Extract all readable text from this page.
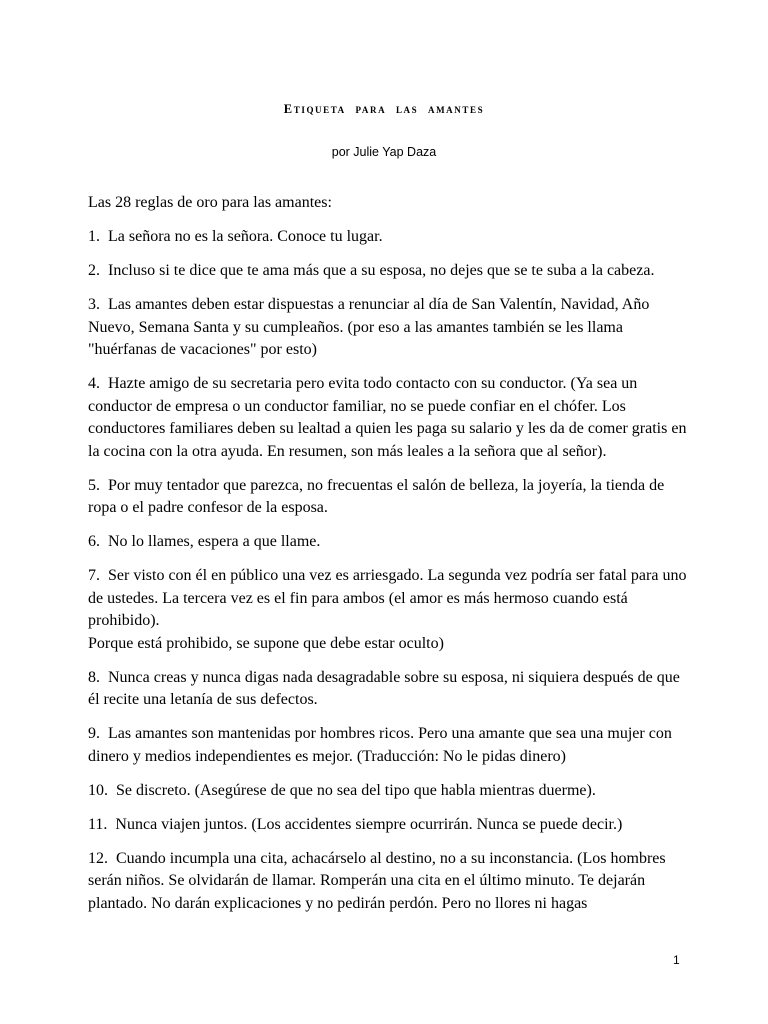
Etiqueta para las amantes
por Julie Yap Daza

Las 28 reglas de oro para las amantes:

1. La señora no es la señora. Conoce tu lugar.

2. Incluso si te dice que te ama más que a su esposa, no dejes que se te suba a la cabeza.

3. Las amantes deben estar dispuestas a renunciar al día de San Valentín, Navidad, Año Nuevo, Semana Santa y su cumpleaños. (por eso a las amantes también se les llama "huérfanas de vacaciones" por esto)

4. Hazte amigo de su secretaria pero evita todo contacto con su conductor. (Ya sea un conductor de empresa o un conductor familiar, no se puede confiar en el chófer. Los conductores familiares deben su lealtad a quien les paga su salario y les da de comer gratis en la cocina con la otra ayuda. En resumen, son más leales a la señora que al señor).

5. Por muy tentador que parezca, no frecuentas el salón de belleza, la joyería, la tienda de ropa o el padre confesor de la esposa.

6. No lo llames, espera a que llame.

7. Ser visto con él en público una vez es arriesgado. La segunda vez podría ser fatal para uno de ustedes. La tercera vez es el fin para ambos (el amor es más hermoso cuando está prohibido).
Porque está prohibido, se supone que debe estar oculto)

8. Nunca creas y nunca digas nada desagradable sobre su esposa, ni siquiera después de que él recite una letanía de sus defectos.

9. Las amantes son mantenidas por hombres ricos. Pero una amante que sea una mujer con dinero y medios independientes es mejor. (Traducción: No le pidas dinero)

10. Se discreto. (Asegúrese de que no sea del tipo que habla mientras duerme).

11. Nunca viajen juntos. (Los accidentes siempre ocurrirán. Nunca se puede decir.)

12. Cuando incumpla una cita, achacárselo al destino, no a su inconstancia. (Los hombres serán niños. Se olvidarán de llamar. Romperán una cita en el último minuto. Te dejarán plantado. No darán explicaciones y no pedirán perdón. Pero no llores ni hagas

1
